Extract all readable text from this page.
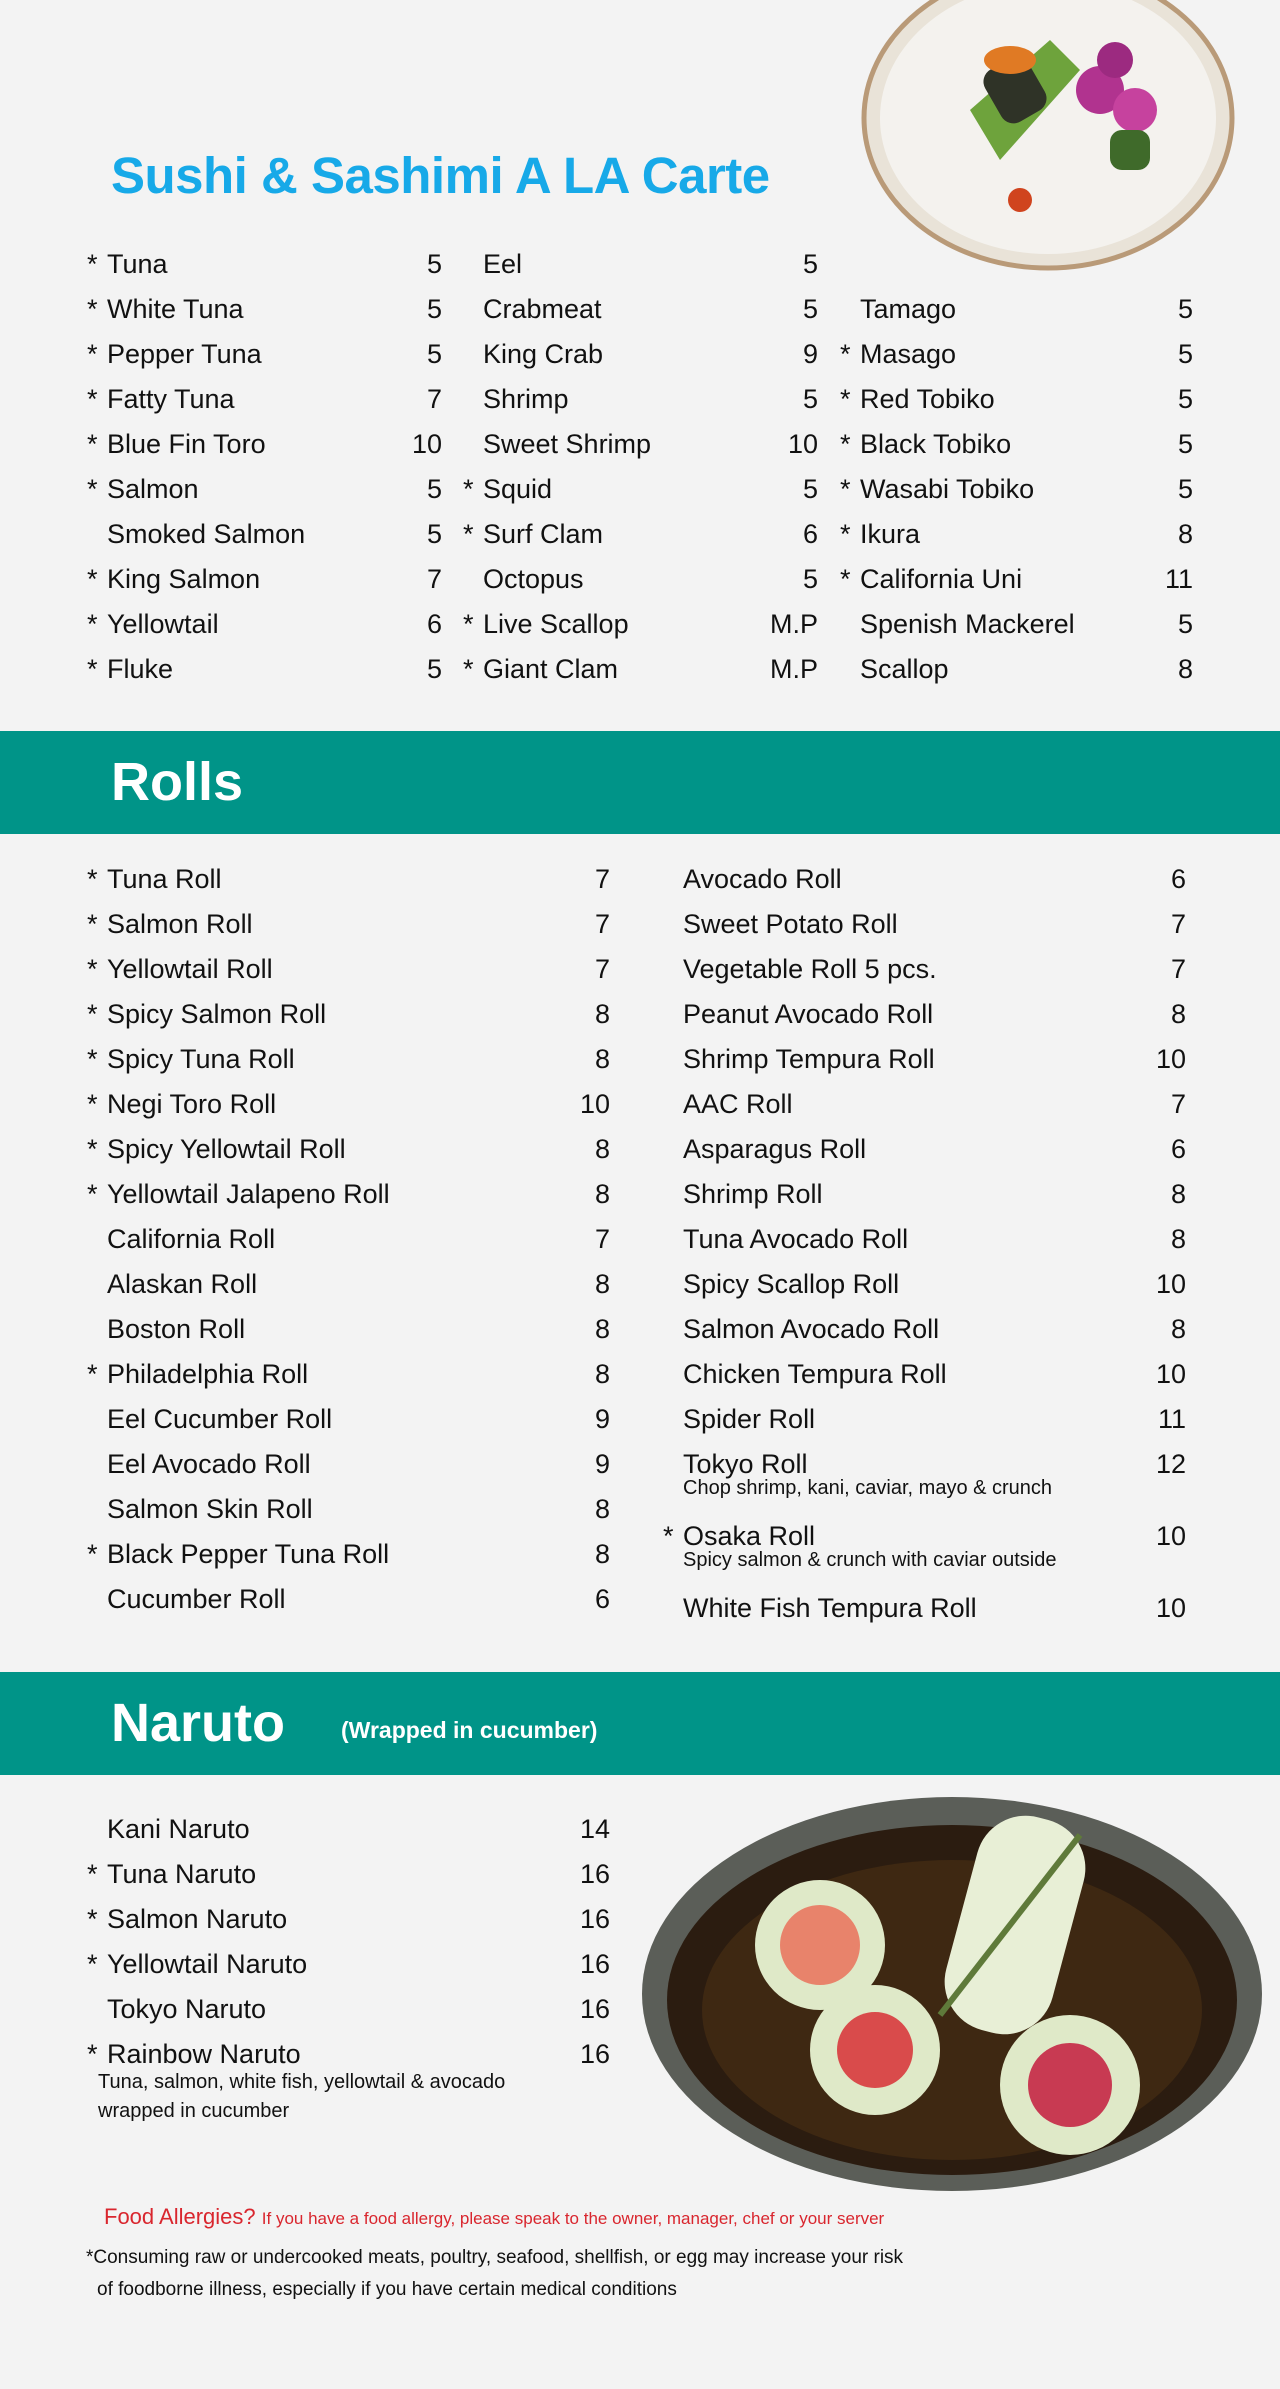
Sushi & Sashimi A LA Carte
* Tuna	5
* White Tuna	5
* Pepper Tuna	5
* Fatty Tuna	7
* Blue Fin Toro	10
* Salmon	5
Smoked Salmon	5
* King Salmon	7
* Yellowtail	6
* Fluke	5
Eel	5
Crabmeat	5
King Crab	9
Shrimp	5
Sweet Shrimp	10
* Squid	5
* Surf Clam	6
Octopus	5
* Live Scallop	M.P
* Giant Clam	M.P
Tamago	5
* Masago	5
* Red Tobiko	5
* Black Tobiko	5
* Wasabi Tobiko	5
* Ikura	8
* California Uni	11
Spenish Mackerel	5
Scallop	8
Rolls
* Tuna Roll	7
* Salmon Roll	7
* Yellowtail Roll	7
* Spicy Salmon Roll	8
* Spicy Tuna Roll	8
* Negi Toro Roll	10
* Spicy Yellowtail Roll	8
* Yellowtail Jalapeno Roll	8
California Roll	7
Alaskan Roll	8
Boston Roll	8
* Philadelphia Roll	8
Eel Cucumber Roll	9
Eel Avocado Roll	9
Salmon Skin Roll	8
* Black Pepper Tuna Roll	8
Cucumber Roll	6
Avocado Roll	6
Sweet Potato Roll	7
Vegetable Roll 5 pcs.	7
Peanut Avocado Roll	8
Shrimp Tempura Roll	10
AAC Roll	7
Asparagus Roll	6
Shrimp Roll	8
Tuna Avocado Roll	8
Spicy Scallop Roll	10
Salmon Avocado Roll	8
Chicken Tempura Roll	10
Spider Roll	11
Tokyo Roll	12
Chop shrimp, kani, caviar, mayo & crunch
* Osaka Roll	10
Spicy salmon & crunch with caviar outside
White Fish Tempura Roll	10
Naruto (Wrapped in cucumber)
Kani Naruto	14
* Tuna Naruto	16
* Salmon Naruto	16
* Yellowtail Naruto	16
Tokyo Naruto	16
* Rainbow Naruto	16
Tuna, salmon, white fish, yellowtail & avocado
wrapped in cucumber
Food Allergies? If you have a food allergy, please speak to the owner, manager, chef or your server
*Consuming raw or undercooked meats, poultry, seafood, shellfish, or egg may increase your risk
of foodborne illness, especially if you have certain medical conditions
